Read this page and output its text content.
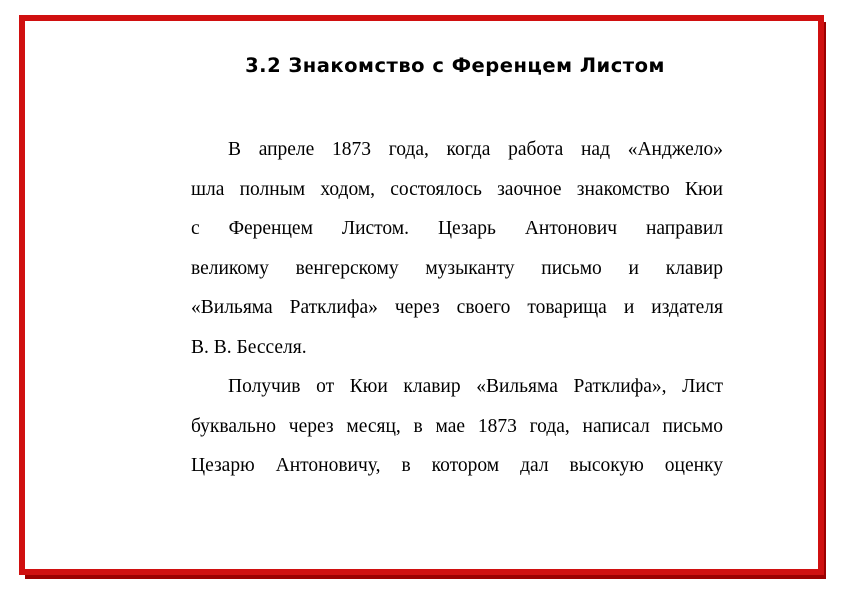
3.2 Знакомство с Ференцем Листом
В апреле 1873 года, когда работа над «Анджело»
шла полным ходом, состоялось заочное знакомство Кюи
с Ференцем Листом. Цезарь Антонович направил
великому венгерскому музыканту письмо и клавир
«Вильяма Ратклифа» через своего товарища и издателя
В. В. Бесселя.
Получив от Кюи клавир «Вильяма Ратклифа», Лист
буквально через месяц, в мае 1873 года, написал письмо
Цезарю Антоновичу, в котором дал высокую оценку
